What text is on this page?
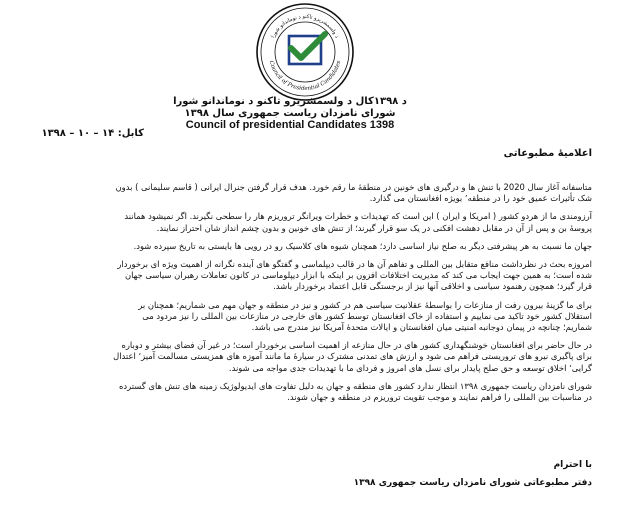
د ولسمشریزو تاکنو د نوماندانو شورا
Council of Presidential Candidates
د ۱۳۹۸کال د ولسمشریزو تاکنو د نوماندانو شورا
شورای نامزدان ریاست جمهوری سال ۱۳۹۸
Council of presidential Candidates 1398
کابل: ۱۴ – ۱۰ – ۱۳۹۸
اعلامیهٔ مطبوعاتی

متاسفانه آغاز سال 2020 با تنش ها و درگیری های خونین در منطقهٔ ما رقم خورد. هدف قرار گرفتن جنرال ایرانی ( قاسم سلیمانی ) بدون شک تأثیرات عمیق خود را در منطقه٬ بویژه افغانستان می گذارد.

آرزومندی ما از هردو کشور ( امریکا و ایران ) این است که تهدیدات و خطرات ویرانگر تروریزم هار را سطحی نگیرند. اگر نمیشود همانند پروسهٔ بن و پس از آن در مقابل دهشت افکنی در یک سو قرار گیرند؛ از تنش های خونین و بدون چشم انداز شان احتراز نمایند.

جهان ما نسبت به هر پیشرفتی دیگر به صلح نیاز اساسی دارد؛ همچنان شیوه های کلاسیک رو در رویی ها بایستی به تاریخ سپرده شود.

امروزه بحث در نظرداشت منافع متقابل بین المللی و تفاهم آن ها در قالب دیپلماسی و گفتگو های آینده نگرانه از اهمیت ویژه ای برخوردار شده است؛ به همین جهت ایجاب می کند که مدیریت اختلافات افزون بر اینکه با ابزار دیپلوماسی در کانون تعاملات رهبران سیاسی جهان قرار گیرد؛ همچون رهنمود سیاسی و اخلاقی آنها نیز از برجستگی قابل اعتماد برخوردار باشد.

برای ما گزینهٔ بیرون رفت از منازعات را بواسطهٔ عقلانیت سیاسی هم در کشور و نیز در منطقه و جهان مهم می شماریم؛ همچنان بر استقلال کشور خود تاکید می نماییم و استفاده از خاک افغانستان توسط کشور های خارجی در منازعات بین المللی را نیز مردود می شماریم؛ چنانچه در پیمان دوجانبه امنیتی میان افغانستان و ایالات متحدهٔ آمریکا نیز مندرج می باشد.

در حال حاضر برای افغانستان خوشنگهداری کشور های در حال منازعه از اهمیت اساسی برخوردار است؛ در غیر آن فضای بیشتر و دوباره برای پاگیری نیرو های تروریستی فراهم می شود و ارزش های تمدنی مشترک در سیارهٔ ما مانند آموزه های همزیستی مسالمت آمیز٬ اعتدال گرایی٬ اخلاق توسعه و حق صلح پایدار برای نسل های امروز و فردای ما با تهدیدات جدی مواجه می شوند.

شورای نامزدان ریاست جمهوری ۱۳۹۸ انتظار ندارد کشور های منطقه و جهان به دلیل تفاوت های ایدیولوژیک زمینه های تنش های گسترده در مناسبات بین المللی را فراهم نمایند و موجب تقویت تروریزم در منطقه و جهان شوند.

با احترام
دفتر مطبوعاتی شورای نامزدان ریاست جمهوری ۱۳۹۸
